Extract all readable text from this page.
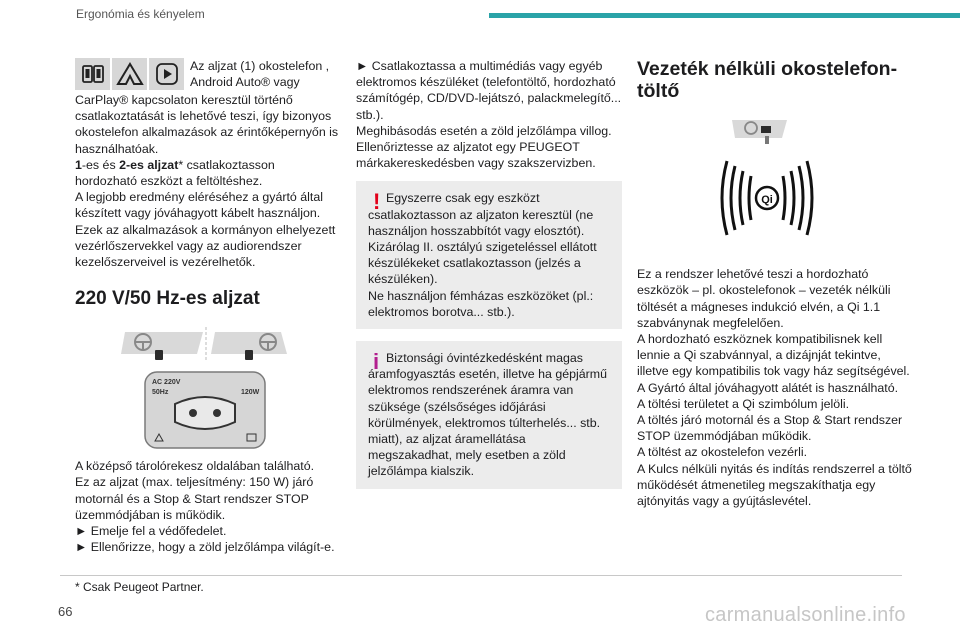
Ergonómia és kényelem

Az aljzat (1) okostelefon ,

Android Auto® vagy

CarPlay® kapcsolaton keresztül történő csatlakoztatását is lehetővé teszi, így bizonyos okostelefon alkalmazások az érintőképernyőn is használhatóak.

1-es és 2-es aljzat* csatlakoztasson hordozható eszközt a feltöltéshez.

A legjobb eredmény eléréséhez a gyártó által készített vagy jóváhagyott kábelt használjon.

Ezek az alkalmazások a kormányon elhelyezett vezérlőszervekkel vagy az audiorendszer kezelőszerveivel is vezérelhetők.

220 V/50 Hz-es aljzat
AC 220V
50Hz	120W

A középső tárolórekesz oldalában található.

Ez az aljzat (max. teljesítmény: 150 W) járó motornál és a Stop & Start rendszer STOP üzemmódjában is működik.

► Emelje fel a védőfedelet.

► Ellenőrizze, hogy a zöld jelzőlámpa világít-e.

► Csatlakoztassa a multimédiás vagy egyéb elektromos készüléket (telefontöltő, hordozható számítógép, CD/DVD-lejátszó, palackmelegítő... stb.).

Meghibásodás esetén a zöld jelzőlámpa villog.

Ellenőriztesse az aljzatot egy PEUGEOT márkakereskedésben vagy szakszervizben.

! Egyszerre csak egy eszközt csatlakoztasson az aljzaton keresztül (ne használjon hosszabbítót vagy elosztót).

Kizárólag II. osztályú szigeteléssel ellátott készülékeket csatlakoztasson (jelzés a készüléken).

Ne használjon fémházas eszközöket (pl.: elektromos borotva... stb.).

i Biztonsági óvintézkedésként magas áramfogyasztás esetén, illetve ha gépjármű elektromos rendszerének áramra van szüksége (szélsőséges időjárási körülmények, elektromos túlterhelés... stb. miatt), az aljzat áramellátása megszakadhat, mely esetben a zöld jelzőlámpa kialszik.

Vezeték nélküli okostelefon-töltő
Qi

Ez a rendszer lehetővé teszi a hordozható eszközök – pl. okostelefonok – vezeték nélküli töltését a mágneses indukció elvén, a Qi 1.1 szabványnak megfelelően.

A hordozható eszköznek kompatibilisnek kell lennie a Qi szabvánnyal, a dizájnját tekintve, illetve egy kompatibilis tok vagy ház segítségével.

A Gyártó által jóváhagyott alátét is használható.

A töltési területet a Qi szimbólum jelöli.

A töltés járó motornál és a Stop & Start rendszer STOP üzemmódjában működik.

A töltést az okostelefon vezérli.

A Kulcs nélküli nyitás és indítás rendszerrel a töltő működését átmenetileg megszakíthatja egy ajtónyitás vagy a gyújtáslevétel.

* Csak Peugeot Partner.
66	carmanualsonline.info
